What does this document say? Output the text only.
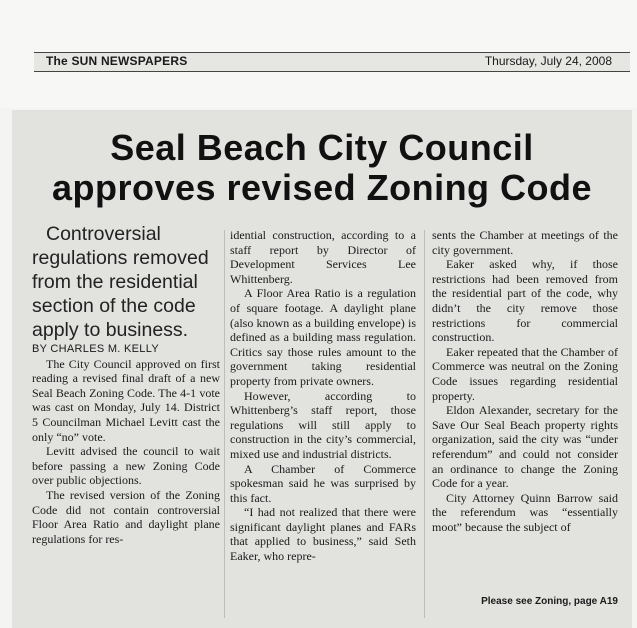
The SUN NEWSPAPERS	Thursday, July 24, 2008
Seal Beach City Council
approves revised Zoning Code

Controversial regulations removed from the residential section of the code apply to business.

BY CHARLES M. KELLY

The City Council approved on first reading a revised final draft of a new Seal Beach Zoning Code. The 4-1 vote was cast on Monday, July 14. District 5 Councilman Michael Levitt cast the only “no” vote.

Levitt advised the council to wait before passing a new Zoning Code over public objections.

The revised version of the Zoning Code did not contain controversial Floor Area Ratio and daylight plane regulations for res-

idential construction, according to a staff report by Director of Development Services Lee Whittenberg.

A Floor Area Ratio is a regulation of square footage. A daylight plane (also known as a building envelope) is defined as a building mass regulation. Critics say those rules amount to the government taking residential property from private owners.

However, according to Whittenberg’s staff report, those regulations will still apply to construction in the city’s commercial, mixed use and industrial districts.

A Chamber of Commerce spokesman said he was surprised by this fact.

“I had not realized that there were significant daylight planes and FARs that applied to business,” said Seth Eaker, who repre-

sents the Chamber at meetings of the city government.

Eaker asked why, if those restrictions had been removed from the residential part of the code, why didn’t the city remove those restrictions for commercial construction.

Eaker repeated that the Chamber of Commerce was neutral on the Zoning Code issues regarding residential property.

Eldon Alexander, secretary for the Save Our Seal Beach property rights organization, said the city was “under referendum” and could not consider an ordinance to change the Zoning Code for a year.

City Attorney Quinn Barrow said the referendum was “essentially moot” because the subject of

Please see Zoning, page A19
